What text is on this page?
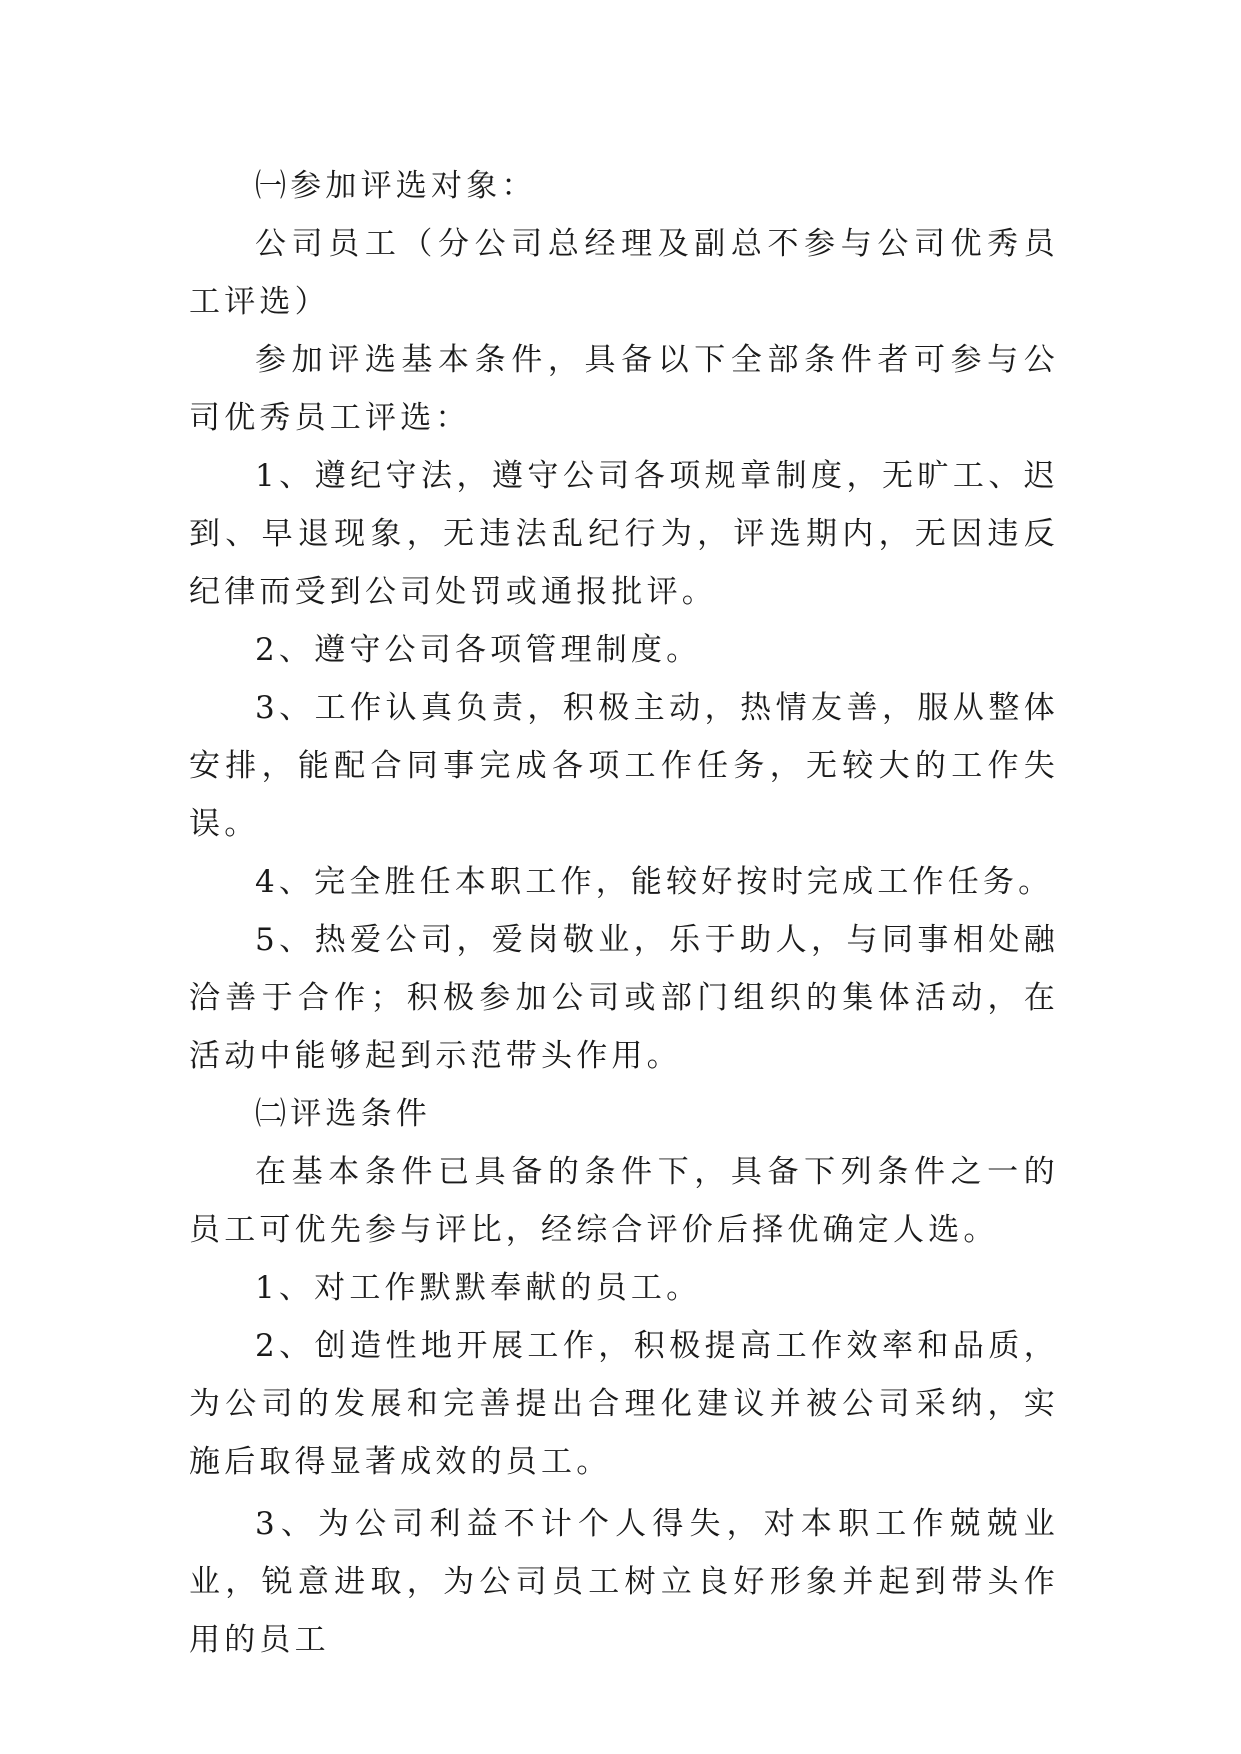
㈠参加评选对象：

公司员工（分公司总经理及副总不参与公司优秀员工评选）

参加评选基本条件，具备以下全部条件者可参与公司优秀员工评选：

1、遵纪守法，遵守公司各项规章制度，无旷工、迟到、早退现象，无违法乱纪行为，评选期内，无因违反纪律而受到公司处罚或通报批评。

2、遵守公司各项管理制度。

3、工作认真负责，积极主动，热情友善，服从整体安排，能配合同事完成各项工作任务，无较大的工作失误。

4、完全胜任本职工作，能较好按时完成工作任务。

5、热爱公司，爱岗敬业，乐于助人，与同事相处融洽善于合作；积极参加公司或部门组织的集体活动，在活动中能够起到示范带头作用。

㈡评选条件

在基本条件已具备的条件下，具备下列条件之一的员工可优先参与评比，经综合评价后择优确定人选。

1、对工作默默奉献的员工。

2、创造性地开展工作，积极提高工作效率和品质，为公司的发展和完善提出合理化建议并被公司采纳，实施后取得显著成效的员工。

3、为公司利益不计个人得失，对本职工作兢兢业业，锐意进取，为公司员工树立良好形象并起到带头作用的员工
